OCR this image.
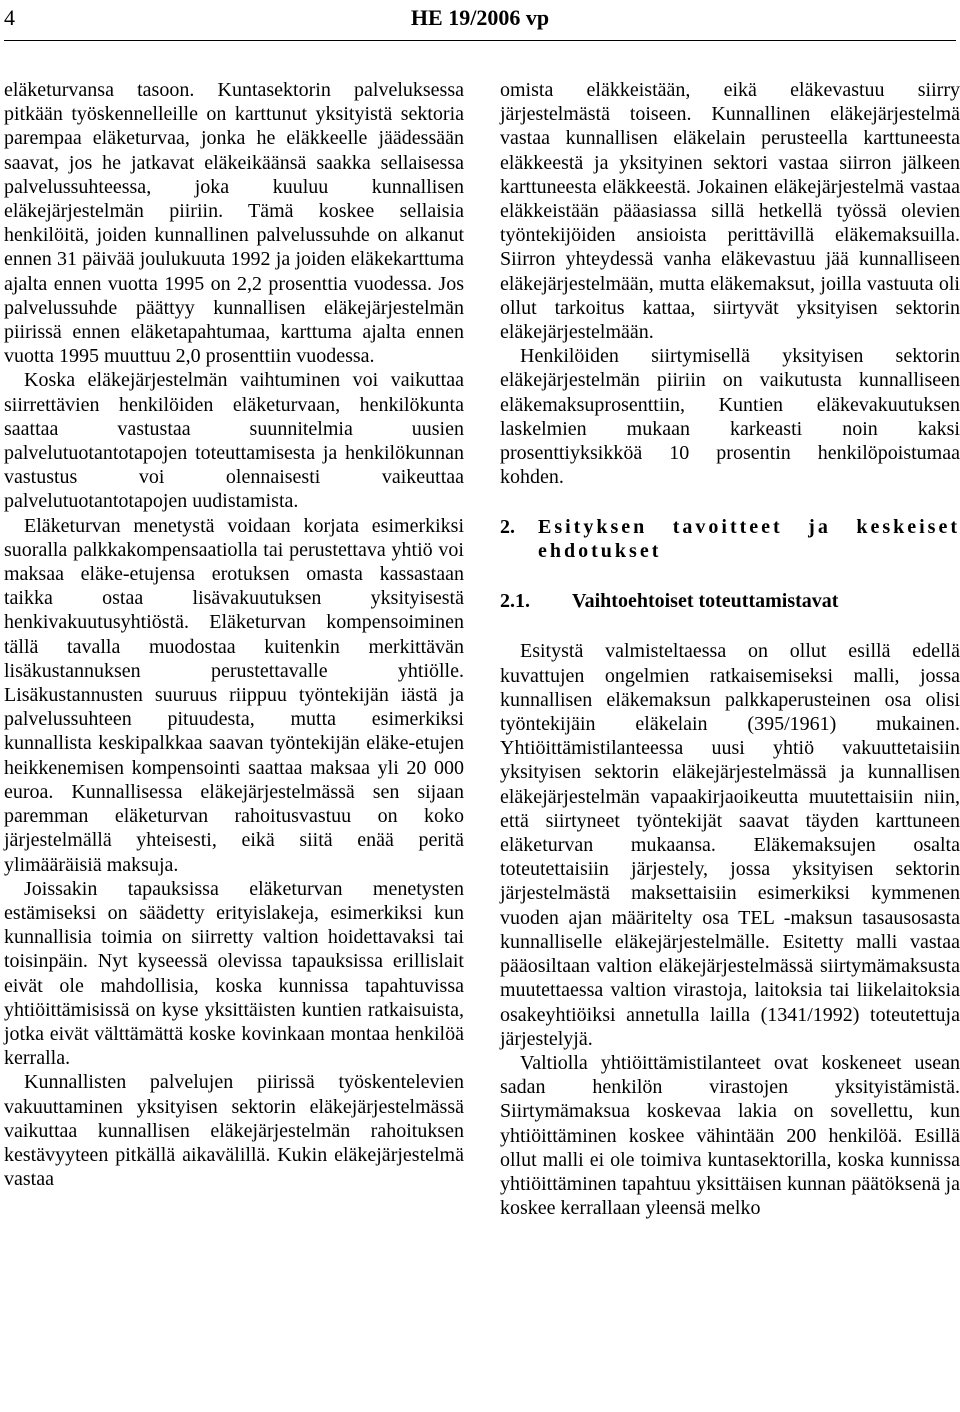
4	HE 19/2006 vp

eläketurvansa tasoon. Kuntasektorin palveluksessa pitkään työskennelleille on karttunut yksityistä sektoria parempaa eläketurvaa, jonka he eläkkeelle jäädessään saavat, jos he jatkavat eläkeikäänsä saakka sellaisessa palvelussuhteessa, joka kuuluu kunnallisen eläkejärjestelmän piiriin. Tämä koskee sellaisia henkilöitä, joiden kunnallinen palvelussuhde on alkanut ennen 31 päivää joulukuuta 1992 ja joiden eläkekarttuma ajalta ennen vuotta 1995 on 2,2 prosenttia vuodessa. Jos palvelussuhde päättyy kunnallisen eläkejärjestelmän piirissä ennen eläketapahtumaa, karttuma ajalta ennen vuotta 1995 muuttuu 2,0 prosenttiin vuodessa.

Koska eläkejärjestelmän vaihtuminen voi vaikuttaa siirrettävien henkilöiden eläketurvaan, henkilökunta saattaa vastustaa suunnitelmia uusien palvelutuotantotapojen toteuttamisesta ja henkilökunnan vastustus voi olennaisesti vaikeuttaa palvelutuotantotapojen uudistamista.

Eläketurvan menetystä voidaan korjata esimerkiksi suoralla palkkakompensaatiolla tai perustettava yhtiö voi maksaa eläke-etujensa erotuksen omasta kassastaan taikka ostaa lisävakuutuksen yksityisestä henkivakuutusyhtiöstä. Eläketurvan kompensoiminen tällä tavalla muodostaa kuitenkin merkittävän lisäkustannuksen perustettavalle yhtiölle. Lisäkustannusten suuruus riippuu työntekijän iästä ja palvelussuhteen pituudesta, mutta esimerkiksi kunnallista keskipalkkaa saavan työntekijän eläke-etujen heikkenemisen kompensointi saattaa maksaa yli 20 000 euroa. Kunnallisessa eläkejärjestelmässä sen sijaan paremman eläketurvan rahoitusvastuu on koko järjestelmällä yhteisesti, eikä siitä enää peritä ylimääräisiä maksuja.

Joissakin tapauksissa eläketurvan menetysten estämiseksi on säädetty erityislakeja, esimerkiksi kun kunnallisia toimia on siirretty valtion hoidettavaksi tai toisinpäin. Nyt kyseessä olevissa tapauksissa erillislait eivät ole mahdollisia, koska kunnissa tapahtuvissa yhtiöittämisissä on kyse yksittäisten kuntien ratkaisuista, jotka eivät välttämättä koske kovinkaan montaa henkilöä kerralla.

Kunnallisten palvelujen piirissä työskentelevien vakuuttaminen yksityisen sektorin eläkejärjestelmässä vaikuttaa kunnallisen eläkejärjestelmän rahoituksen kestävyyteen pitkällä aikavälillä. Kukin eläkejärjestelmä vastaa

omista eläkkeistään, eikä eläkevastuu siirry järjestelmästä toiseen. Kunnallinen eläkejärjestelmä vastaa kunnallisen eläkelain perusteella karttuneesta eläkkeestä ja yksityinen sektori vastaa siirron jälkeen karttuneesta eläkkeestä. Jokainen eläkejärjestelmä vastaa eläkkeistään pääasiassa sillä hetkellä työssä olevien työntekijöiden ansioista perittävillä eläkemaksuilla. Siirron yhteydessä vanha eläkevastuu jää kunnalliseen eläkejärjestelmään, mutta eläkemaksut, joilla vastuuta oli ollut tarkoitus kattaa, siirtyvät yksityisen sektorin eläkejärjestelmään.

Henkilöiden siirtymisellä yksityisen sektorin eläkejärjestelmän piiriin on vaikutusta kunnalliseen eläkemaksuprosenttiin, Kuntien eläkevakuutuksen laskelmien mukaan karkeasti noin kaksi prosenttiyksikköä 10 prosentin henkilöpoistumaa kohden.

2.	Esityksen tavoitteet ja keskeiset ehdotukset
2.1.	Vaihtoehtoiset toteuttamistavat

Esitystä valmisteltaessa on ollut esillä edellä kuvattujen ongelmien ratkaisemiseksi malli, jossa kunnallisen eläkemaksun palkkaperusteinen osa olisi työntekijäin eläkelain (395/1961) mukainen. Yhtiöittämistilanteessa uusi yhtiö vakuuttetaisiin yksityisen sektorin eläkejärjestelmässä ja kunnallisen eläkejärjestelmän vapaakirjaoikeutta muutettaisiin niin, että siirtyneet työntekijät saavat täyden karttuneen eläketurvan mukaansa. Eläkemaksujen osalta toteutettaisiin järjestely, jossa yksityisen sektorin järjestelmästä maksettaisiin esimerkiksi kymmenen vuoden ajan määritelty osa TEL -maksun tasausosasta kunnalliselle eläkejärjestelmälle. Esitetty malli vastaa pääosiltaan valtion eläkejärjestelmässä siirtymämaksusta muutettaessa valtion virastoja, laitoksia tai liikelaitoksia osakeyhtiöiksi annetulla lailla (1341/1992) toteutettuja järjestelyjä.

Valtiolla yhtiöittämistilanteet ovat koskeneet usean sadan henkilön virastojen yksityistämistä. Siirtymämaksua koskevaa lakia on sovellettu, kun yhtiöittäminen koskee vähintään 200 henkilöä. Esillä ollut malli ei ole toimiva kuntasektorilla, koska kunnissa yhtiöittäminen tapahtuu yksittäisen kunnan päätöksenä ja koskee kerrallaan yleensä melko
